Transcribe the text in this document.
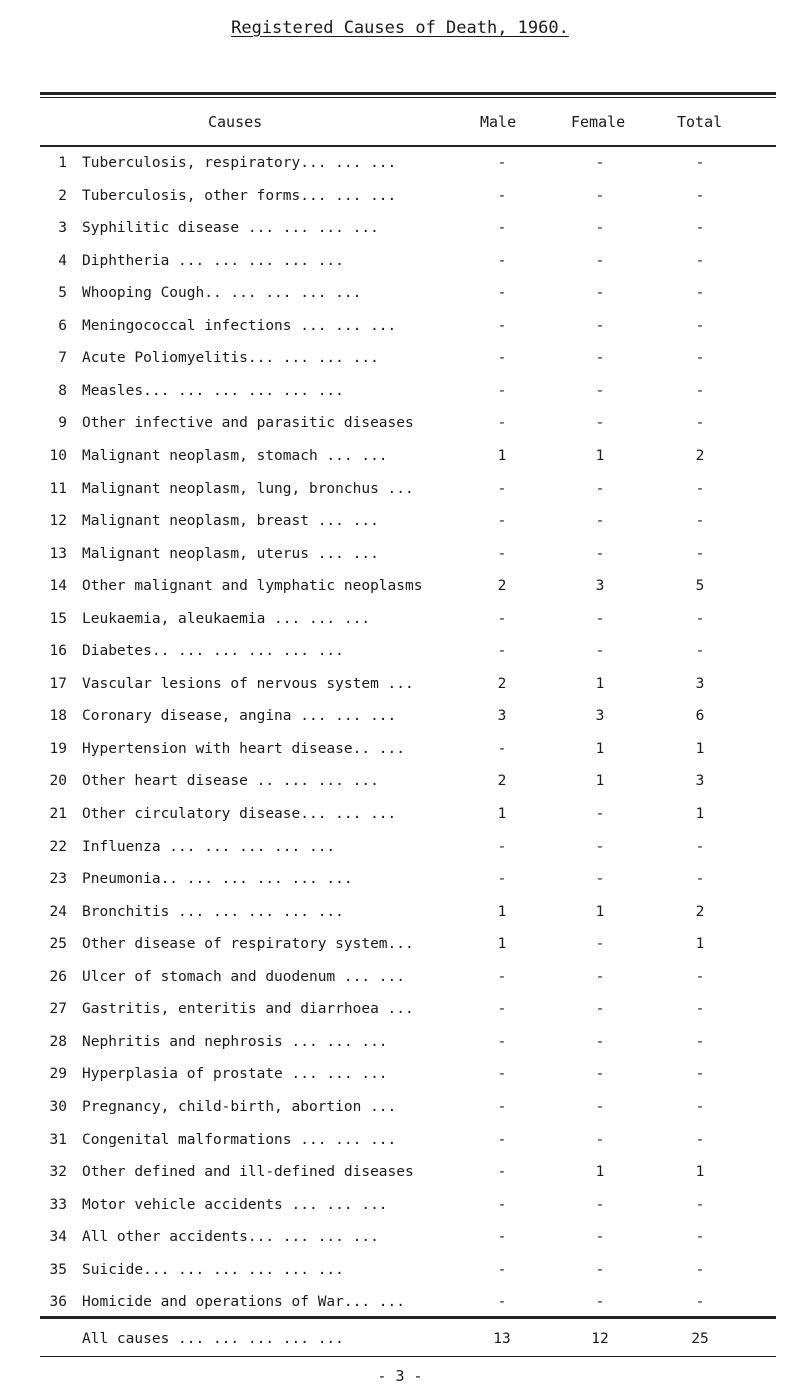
Registered Causes of Death, 1960.
Causes	Male	Female	Total
1 Tuberculosis, respiratory... ... ...	-	-	-
2 Tuberculosis, other forms... ... ...	-	-	-
3 Syphilitic disease ... ... ... ...	-	-	-
4 Diphtheria ... ... ... ... ...	-	-	-
5 Whooping Cough.. ... ... ... ...	-	-	-
6 Meningococcal infections ... ... ...	-	-	-
7 Acute Poliomyelitis... ... ... ...	-	-	-
8 Measles... ... ... ... ... ...	-	-	-
9 Other infective and parasitic diseases	-	-	-
10 Malignant neoplasm, stomach ... ...	1	1	2
11 Malignant neoplasm, lung, bronchus ...	-	-	-
12 Malignant neoplasm, breast ... ...	-	-	-
13 Malignant neoplasm, uterus ... ...	-	-	-
14 Other malignant and lymphatic neoplasms	2	3	5
15 Leukaemia, aleukaemia ... ... ...	-	-	-
16 Diabetes.. ... ... ... ... ...	-	-	-
17 Vascular lesions of nervous system ...	2	1	3
18 Coronary disease, angina ... ... ...	3	3	6
19 Hypertension with heart disease.. ...	-	1	1
20 Other heart disease .. ... ... ...	2	1	3
21 Other circulatory disease... ... ...	1	-	1
22 Influenza ... ... ... ... ...	-	-	-
23 Pneumonia.. ... ... ... ... ...	-	-	-
24 Bronchitis ... ... ... ... ...	1	1	2
25 Other disease of respiratory system...	1	-	1
26 Ulcer of stomach and duodenum ... ...	-	-	-
27 Gastritis, enteritis and diarrhoea ...	-	-	-
28 Nephritis and nephrosis ... ... ...	-	-	-
29 Hyperplasia of prostate ... ... ...	-	-	-
30 Pregnancy, child-birth, abortion ...	-	-	-
31 Congenital malformations ... ... ...	-	-	-
32 Other defined and ill-defined diseases	-	1	1
33 Motor vehicle accidents ... ... ...	-	-	-
34 All other accidents... ... ... ...	-	-	-
35 Suicide... ... ... ... ... ...	-	-	-
36 Homicide and operations of War... ...	-	-	-
All causes ... ... ... ... ...	13	12	25
- 3 -
